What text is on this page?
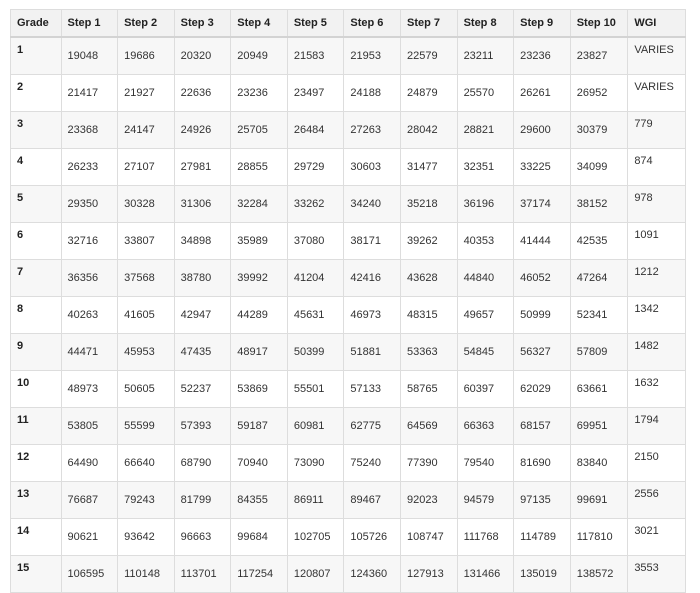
Grade	Step 1	Step 2	Step 3	Step 4	Step 5	Step 6	Step 7	Step 8	Step 9	Step 10	WGI
1	19048	19686	20320	20949	21583	21953	22579	23211	23236	23827	VARIES
2	21417	21927	22636	23236	23497	24188	24879	25570	26261	26952	VARIES
3	23368	24147	24926	25705	26484	27263	28042	28821	29600	30379	779
4	26233	27107	27981	28855	29729	30603	31477	32351	33225	34099	874
5	29350	30328	31306	32284	33262	34240	35218	36196	37174	38152	978
6	32716	33807	34898	35989	37080	38171	39262	40353	41444	42535	1091
7	36356	37568	38780	39992	41204	42416	43628	44840	46052	47264	1212
8	40263	41605	42947	44289	45631	46973	48315	49657	50999	52341	1342
9	44471	45953	47435	48917	50399	51881	53363	54845	56327	57809	1482
10	48973	50605	52237	53869	55501	57133	58765	60397	62029	63661	1632
11	53805	55599	57393	59187	60981	62775	64569	66363	68157	69951	1794
12	64490	66640	68790	70940	73090	75240	77390	79540	81690	83840	2150
13	76687	79243	81799	84355	86911	89467	92023	94579	97135	99691	2556
14	90621	93642	96663	99684	102705	105726	108747	111768	114789	117810	3021
15	106595	110148	113701	117254	120807	124360	127913	131466	135019	138572	3553
